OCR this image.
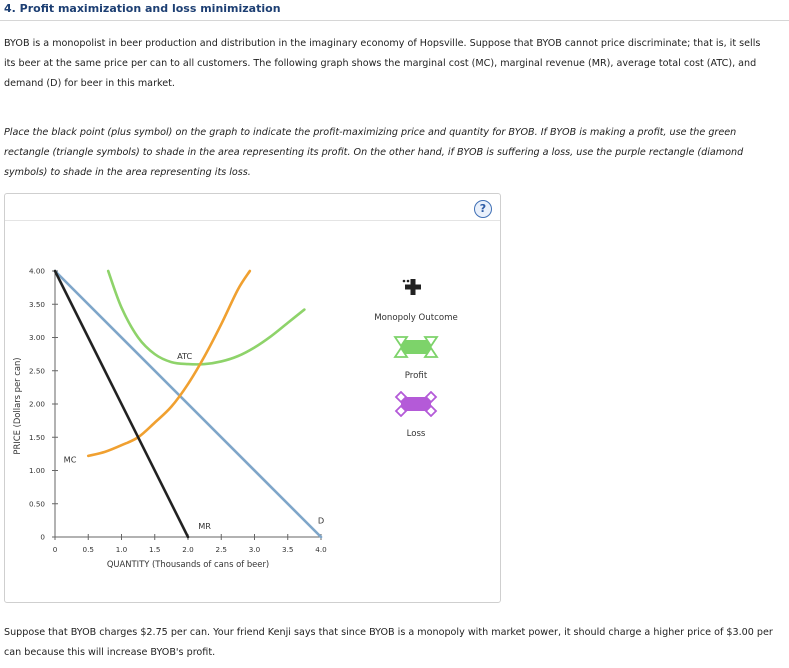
4. Profit maximization and loss minimization

BYOB is a monopolist in beer production and distribution in the imaginary economy of Hopsville. Suppose that BYOB cannot price discriminate; that is, it sells its beer at the same price per can to all customers. The following graph shows the marginal cost (MC), marginal revenue (MR), average total cost (ATC), and demand (D) for beer in this market.

Place the black point (plus symbol) on the graph to indicate the profit-maximizing price and quantity for BYOB. If BYOB is making a profit, use the green rectangle (triangle symbols) to shade in the area representing its profit. On the other hand, if BYOB is suffering a loss, use the purple rectangle (diamond symbols) to shade in the area representing its loss.

?
0	0.5	1.0	1.5	2.0	2.5	3.0	3.5	4.0
0
0.50
1.00
1.50
2.00
2.50
3.00
3.50
4.00
PRICE (Dollars per can)
QUANTITY (Thousands of cans of beer)
D
MR
MC
ATC
Monopoly Outcome
Profit
Loss

Suppose that BYOB charges $2.75 per can. Your friend Kenji says that since BYOB is a monopoly with market power, it should charge a higher price of $3.00 per can because this will increase BYOB's profit.
